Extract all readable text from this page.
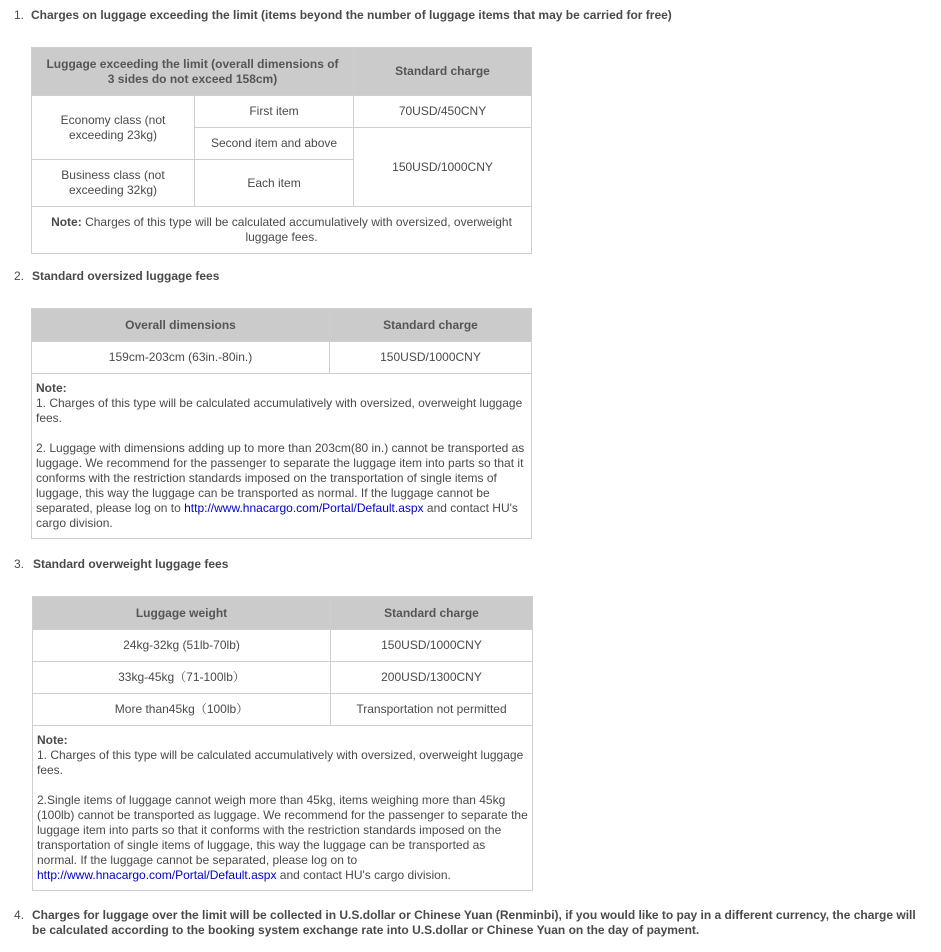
1. Charges on luggage exceeding the limit (items beyond the number of luggage items that may be carried for free)
Luggage exceeding the limit (overall dimensions of 3 sides do not exceed 158cm)		Standard charge
Economy class (not exceeding 23kg)	First item	70USD/450CNY
	Second item and above	150USD/1000CNY
Business class (not exceeding 32kg)	Each item	
Note: Charges of this type will be calculated accumulatively with oversized, overweight luggage fees.		
2. Standard oversized luggage fees
Overall dimensions	Standard charge
159cm-203cm (63in.-80in.)	150USD/1000CNY
Note:
1. Charges of this type will be calculated accumulatively with oversized, overweight luggage fees.
2. Luggage with dimensions adding up to more than 203cm(80 in.) cannot be transported as luggage. We recommend for the passenger to separate the luggage item into parts so that it conforms with the restriction standards imposed on the transportation of single items of luggage, this way the luggage can be transported as normal. If the luggage cannot be separated, please log on to http://www.hnacargo.com/Portal/Default.aspx and contact HU's cargo division.	
3. Standard overweight luggage fees
Luggage weight	Standard charge
24kg-32kg (51lb-70lb)	150USD/1000CNY
33kg-45kg（71-100lb）	200USD/1300CNY
More than45kg（100lb）	Transportation not permitted
Note:
1. Charges of this type will be calculated accumulatively with oversized, overweight luggage fees.
2.Single items of luggage cannot weigh more than 45kg, items weighing more than 45kg (100lb) cannot be transported as luggage. We recommend for the passenger to separate the luggage item into parts so that it conforms with the restriction standards imposed on the transportation of single items of luggage, this way the luggage can be transported as normal. If the luggage cannot be separated, please log on to http://www.hnacargo.com/Portal/Default.aspx and contact HU's cargo division.	
4. Charges for luggage over the limit will be collected in U.S.dollar or Chinese Yuan (Renminbi), if you would like to pay in a different currency, the charge will be calculated according to the booking system exchange rate into U.S.dollar or Chinese Yuan on the day of payment.
